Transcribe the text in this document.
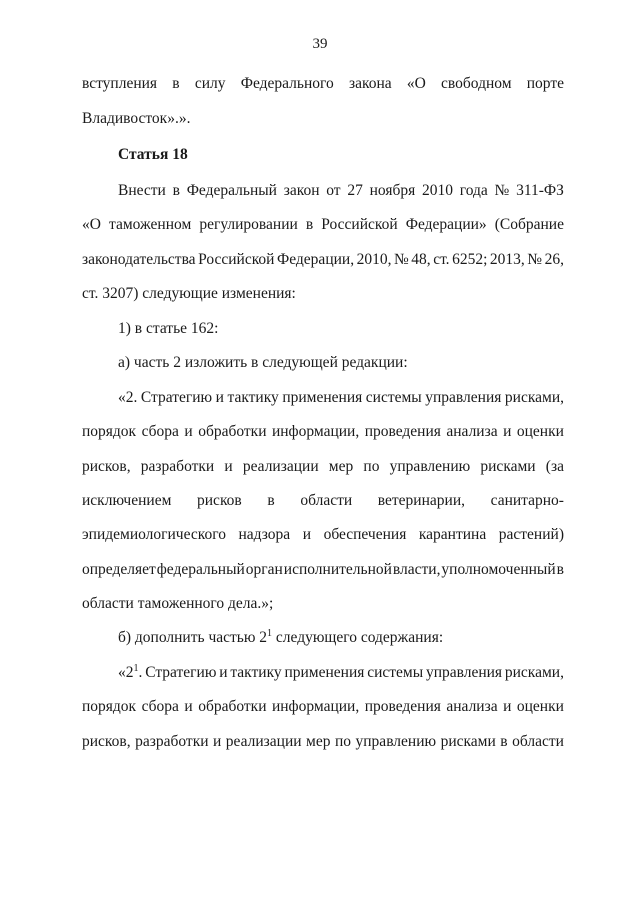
39
вступления в силу Федерального закона «О свободном порте
Владивосток».».
Статья 18
Внести в Федеральный закон от 27 ноября 2010 года № 311-ФЗ
«О таможенном регулировании в Российской Федерации» (Собрание
законодательства Российской Федерации, 2010, № 48, ст. 6252; 2013, № 26,
ст. 3207) следующие изменения:
1) в статье 162:
а) часть 2 изложить в следующей редакции:
«2. Стратегию и тактику применения системы управления рисками,
порядок сбора и обработки информации, проведения анализа и оценки
рисков, разработки и реализации мер по управлению рисками (за
исключением рисков в области ветеринарии, санитарно-
эпидемиологического надзора и обеспечения карантина растений)
определяет федеральный орган исполнительной власти, уполномоченный в
области таможенного дела.»;
б) дополнить частью $2^1$ следующего содержания:
«$2^1$. Стратегию и тактику применения системы управления рисками,
порядок сбора и обработки информации, проведения анализа и оценки
рисков, разработки и реализации мер по управлению рисками в области
